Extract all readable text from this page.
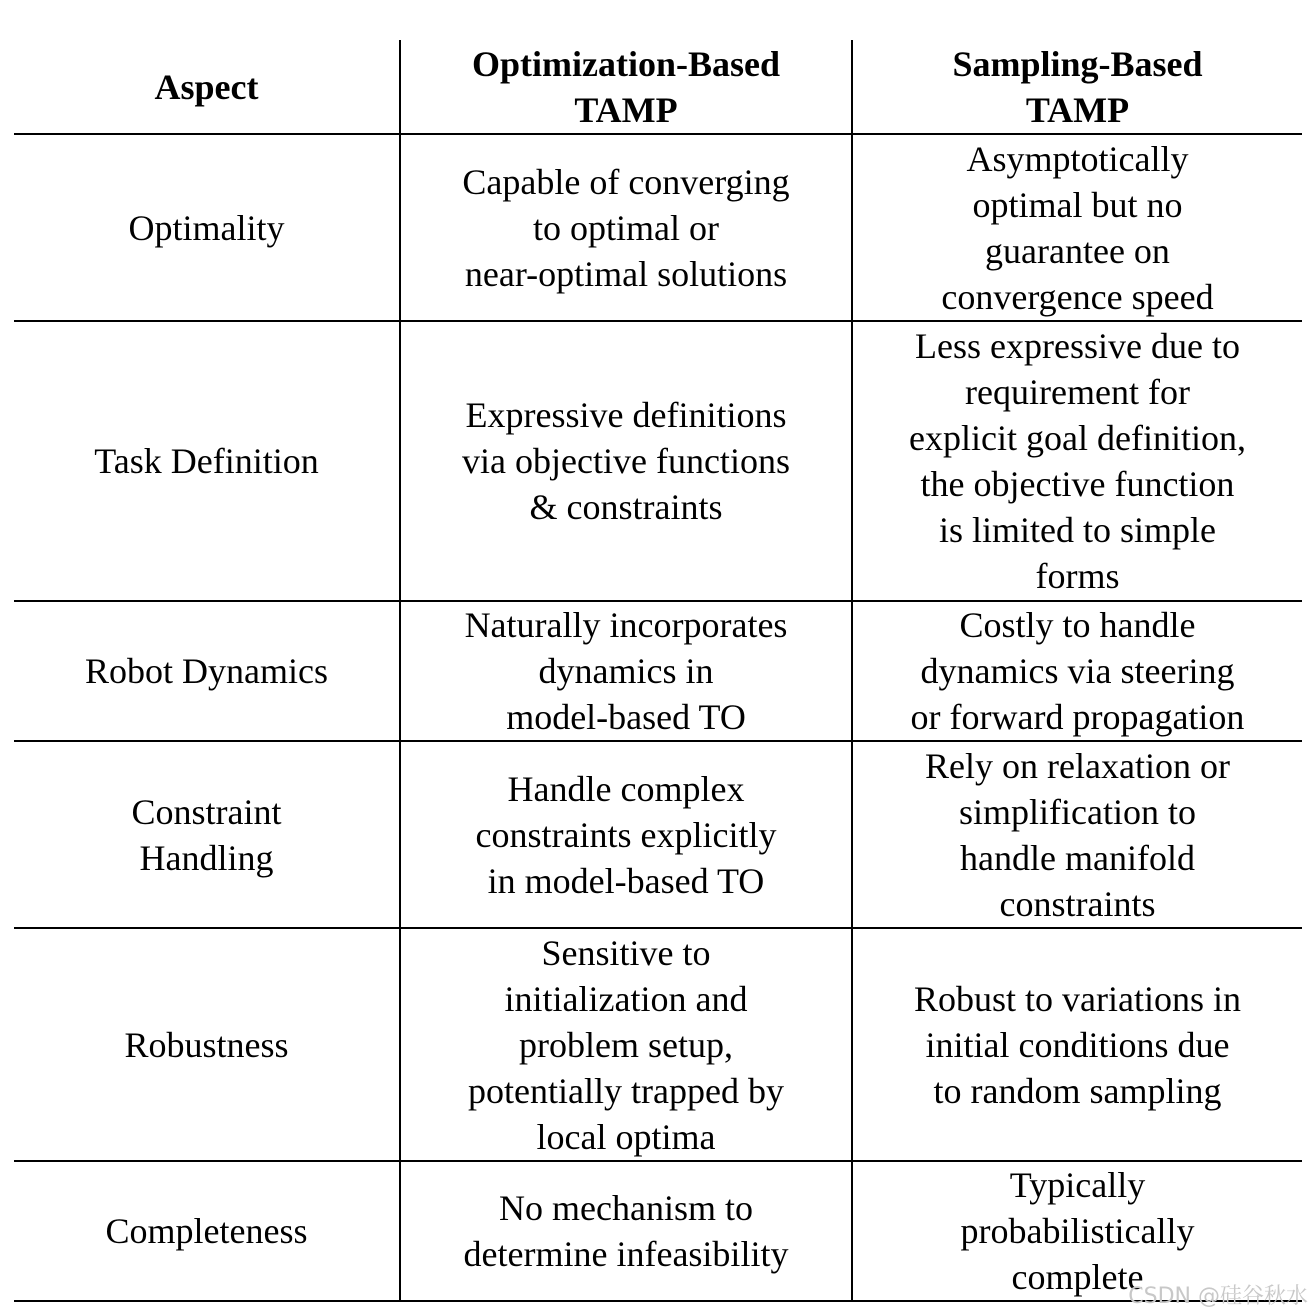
Aspect
Optimization-Based
TAMP
Sampling-Based
TAMP
Optimality
Capable of converging
to optimal or
near-optimal solutions
Asymptotically
optimal but no
guarantee on
convergence speed
Task Definition
Expressive definitions
via objective functions
& constraints
Less expressive due to
requirement for
explicit goal definition,
the objective function
is limited to simple
forms
Robot Dynamics
Naturally incorporates
dynamics in
model-based TO
Costly to handle
dynamics via steering
or forward propagation
Constraint
Handling
Handle complex
constraints explicitly
in model-based TO
Rely on relaxation or
simplification to
handle manifold
constraints
Robustness
Sensitive to
initialization and
problem setup,
potentially trapped by
local optima
Robust to variations in
initial conditions due
to random sampling
Completeness
No mechanism to
determine infeasibility
Typically
probabilistically
complete
CSDN @硅谷秋水
